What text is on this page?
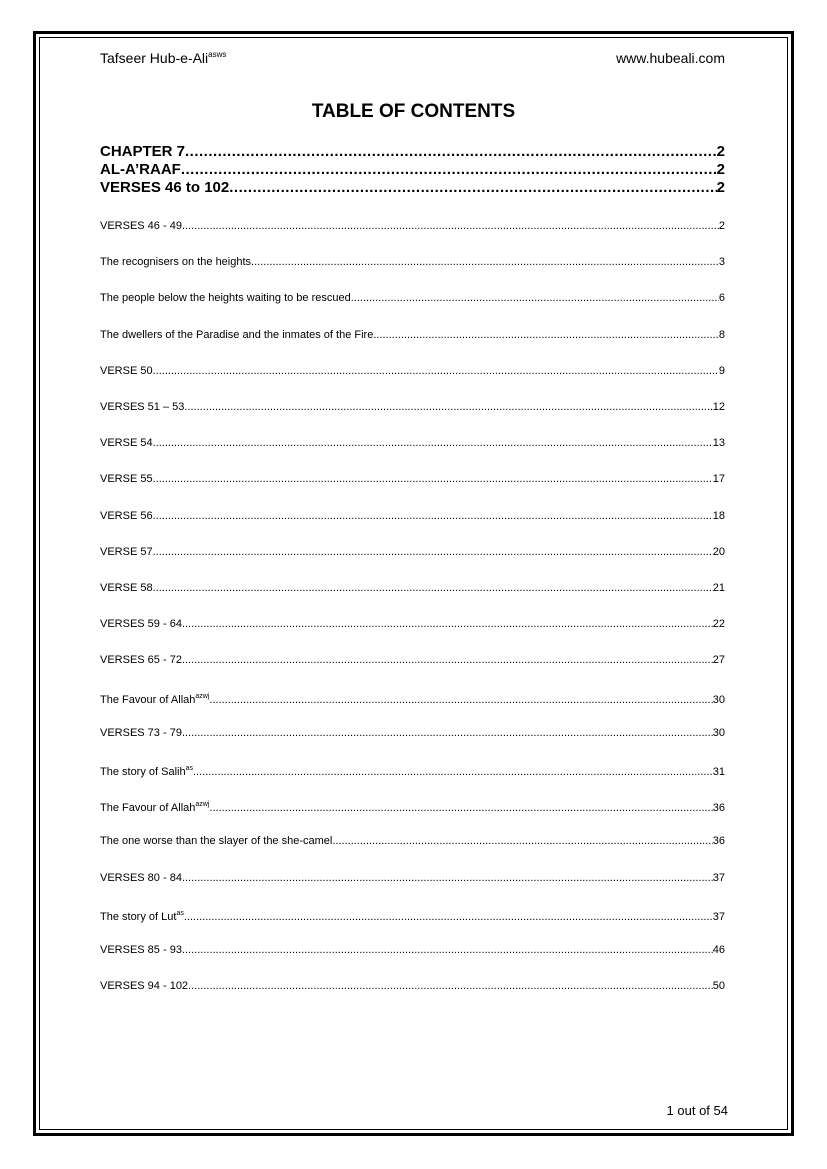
Tafseer Hub-e-Ali$^{asws}$	www.hubeali.com
TABLE OF CONTENTS
CHAPTER 7 .....	2
AL-A’RAAF .....	2
VERSES 46 to 102 .....	2
VERSES 46 - 49 .....	2
The recognisers on the heights .....	3
The people below the heights waiting to be rescued .....	6
The dwellers of the Paradise and the inmates of the Fire .....	8
VERSE 50 .....	9
VERSES 51 – 53 .....	12
VERSE 54 .....	13
VERSE 55 .....	17
VERSE 56 .....	18
VERSE 57 .....	20
VERSE 58 .....	21
VERSES 59 - 64 .....	22
VERSES 65 - 72 .....	27
The Favour of Allah$^{azwj}$ .....	30
VERSES 73 - 79 .....	30
The story of Salih$^{as}$ .....	31
The Favour of Allah$^{azwj}$ .....	36
The one worse than the slayer of the she-camel .....	36
VERSES 80 - 84 .....	37
The story of Lut$^{as}$ .....	37
VERSES 85 - 93 .....	46
VERSES 94 - 102 .....	50
1 out of 54
